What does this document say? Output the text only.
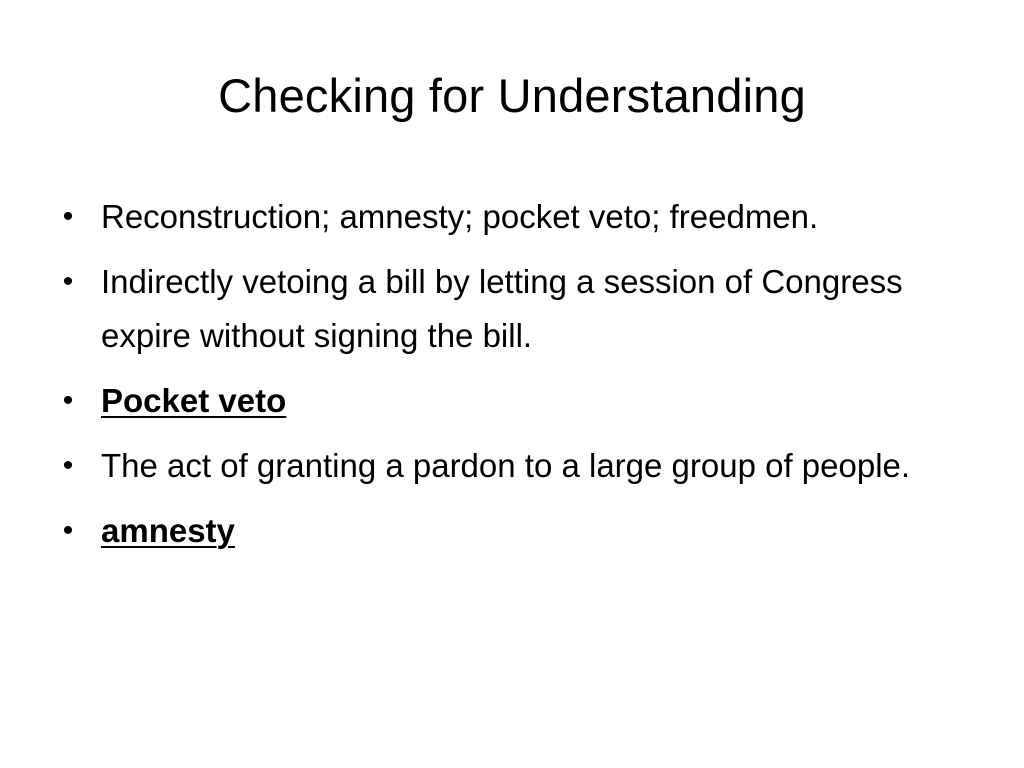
Checking for Understanding
• Reconstruction; amnesty; pocket veto; freedmen.
• Indirectly vetoing a bill by letting a session of Congress expire without signing the bill.
• Pocket veto
• The act of granting a pardon to a large group of people.
• amnesty
